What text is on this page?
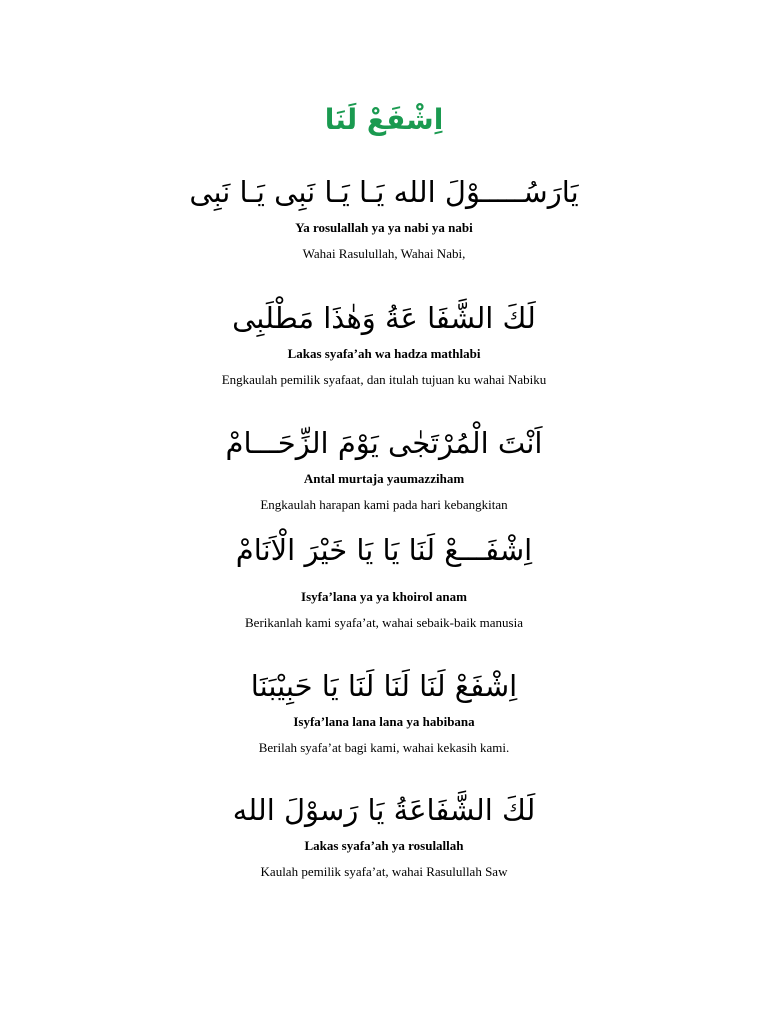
اِشْفَعْ لَنَا
يَارَسُـــــوْلَ الله يَـا يَـا نَبِى يَـا نَبِى
Ya rosulallah ya ya nabi ya nabi
Wahai Rasulullah, Wahai Nabi,
لَكَ الشَّفَا عَةُ وَهٰذَا مَطْلَبِى
Lakas syafa’ah wa hadza mathlabi
Engkaulah pemilik syafaat, dan itulah tujuan ku wahai Nabiku
اَنْتَ الْمُرْتَجٰى يَوْمَ الزِّحَـــامْ
Antal murtaja yaumazziham
Engkaulah harapan kami pada hari kebangkitan
اِشْفَـــعْ لَنَا يَا يَا خَيْرَ الْاَنَامْ
Isyfa’lana ya ya khoirol anam
Berikanlah kami syafa’at, wahai sebaik-baik manusia
اِشْفَعْ لَنَا لَنَا لَنَا يَا حَبِيْبَنَا
Isyfa’lana lana lana ya habibana
Berilah syafa’at bagi kami, wahai kekasih kami.
لَكَ الشَّفَاعَةُ يَا رَسوْلَ الله
Lakas syafa’ah ya rosulallah
Kaulah pemilik syafa’at, wahai Rasulullah Saw
